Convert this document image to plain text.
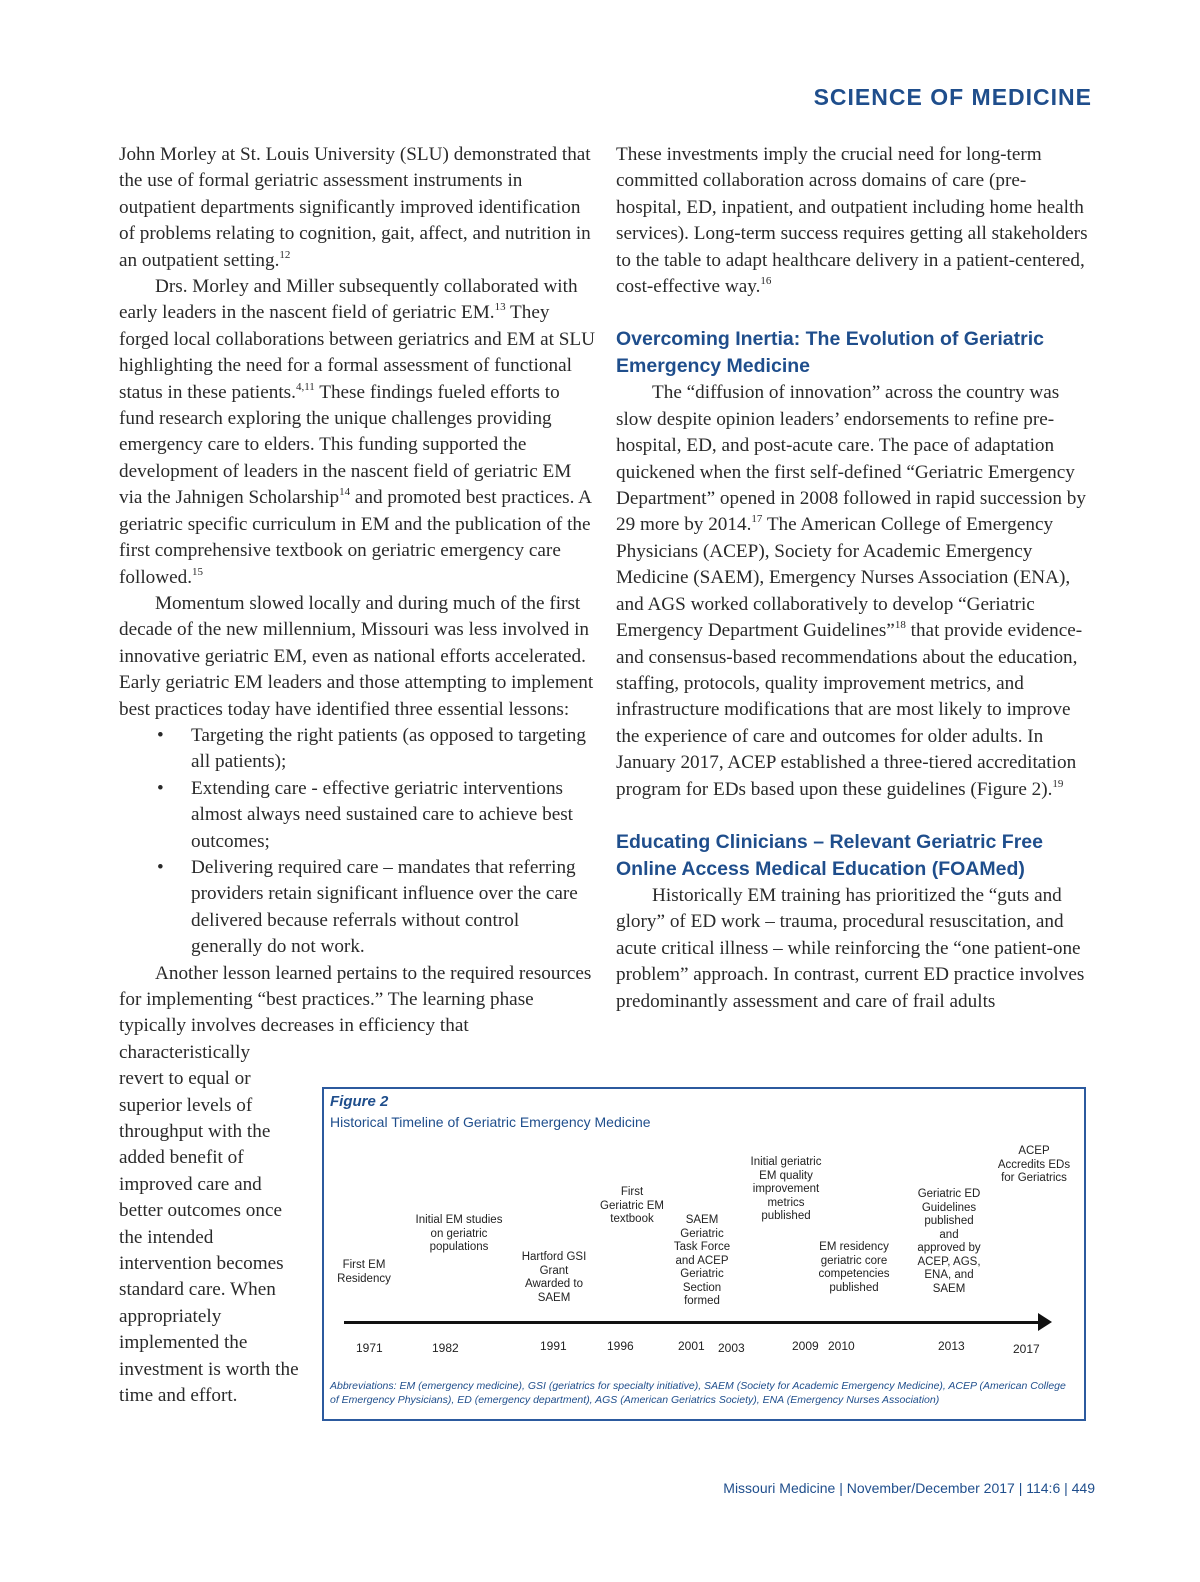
SCIENCE OF MEDICINE

John Morley at St. Louis University (SLU) demonstrated that the use of formal geriatric assessment instruments in outpatient departments significantly improved identification of problems relating to cognition, gait, affect, and nutrition in an outpatient setting.$^{12}$

Drs. Morley and Miller subsequently collaborated with early leaders in the nascent field of geriatric EM.$^{13}$ They forged local collaborations between geriatrics and EM at SLU highlighting the need for a formal assessment of functional status in these patients.$^{4,11}$ These findings fueled efforts to fund research exploring the unique challenges providing emergency care to elders. This funding supported the development of leaders in the nascent field of geriatric EM via the Jahnigen Scholarship$^{14}$ and promoted best practices. A geriatric specific curriculum in EM and the publication of the first comprehensive textbook on geriatric emergency care followed.$^{15}$

Momentum slowed locally and during much of the first decade of the new millennium, Missouri was less involved in innovative geriatric EM, even as national efforts accelerated. Early geriatric EM leaders and those attempting to implement best practices today have identified three essential lessons:

• Targeting the right patients (as opposed to targeting all patients);
• Extending care - effective geriatric interventions almost always need sustained care to achieve best outcomes;
• Delivering required care – mandates that referring providers retain significant influence over the care delivered because referrals without control generally do not work.

Another lesson learned pertains to the required resources for implementing “best practices.” The learning phase typically involves decreases in efficiency that

characteristically revert to equal or superior levels of throughput with the added benefit of improved care and better outcomes once the intended intervention becomes standard care. When appropriately implemented the investment is worth the time and effort.

These investments imply the crucial need for long-term committed collaboration across domains of care (pre-hospital, ED, inpatient, and outpatient including home health services). Long-term success requires getting all stakeholders to the table to adapt healthcare delivery in a patient-centered, cost-effective way.$^{16}$

Overcoming Inertia: The Evolution of Geriatric Emergency Medicine

The “diffusion of innovation” across the country was slow despite opinion leaders’ endorsements to refine pre-hospital, ED, and post-acute care. The pace of adaptation quickened when the first self-defined “Geriatric Emergency Department” opened in 2008 followed in rapid succession by 29 more by 2014.17 The American College of Emergency Physicians (ACEP), Society for Academic Emergency Medicine (SAEM), Emergency Nurses Association (ENA), and AGS worked collaboratively to develop “Geriatric Emergency Department Guidelines”$^{18}$ that provide evidence- and consensus-based recommendations about the education, staffing, protocols, quality improvement metrics, and infrastructure modifications that are most likely to improve the experience of care and outcomes for older adults. In January 2017, ACEP established a three-tiered accreditation program for EDs based upon these guidelines (Figure 2).$^{19}$

Educating Clinicians – Relevant Geriatric Free Online Access Medical Education (FOAMed)

Historically EM training has prioritized the “guts and glory” of ED work – trauma, procedural resuscitation, and acute critical illness – while reinforcing the “one patient-one problem” approach. In contrast, current ED practice involves predominantly assessment and care of frail adults

Figure 2
Historical Timeline of Geriatric Emergency Medicine
First EM
Residency
Initial EM studies
on geriatric
populations
Hartford GSI
Grant
Awarded to
SAEM
First
Geriatric EM
textbook	SAEM
Geriatric
Task Force
and ACEP
Geriatric
Section
formed
Initial geriatric
EM quality
improvement
metrics
published
EM residency
geriatric core
competencies
published
Geriatric ED
Guidelines
published
and
approved by
ACEP, AGS,
ENA, and
SAEM
ACEP
Accredits EDs
for Geriatrics
1971	1982	1991	1996	2001 2003	2009 2010	2013	2017
Abbreviations: EM (emergency medicine), GSI (geriatrics for specialty initiative), SAEM (Society for Academic Emergency Medicine), ACEP (American College of Emergency Physicians), ED (emergency department), AGS (American Geriatrics Society), ENA (Emergency Nurses Association)
Missouri Medicine | November/December 2017 | 114:6 | 449
